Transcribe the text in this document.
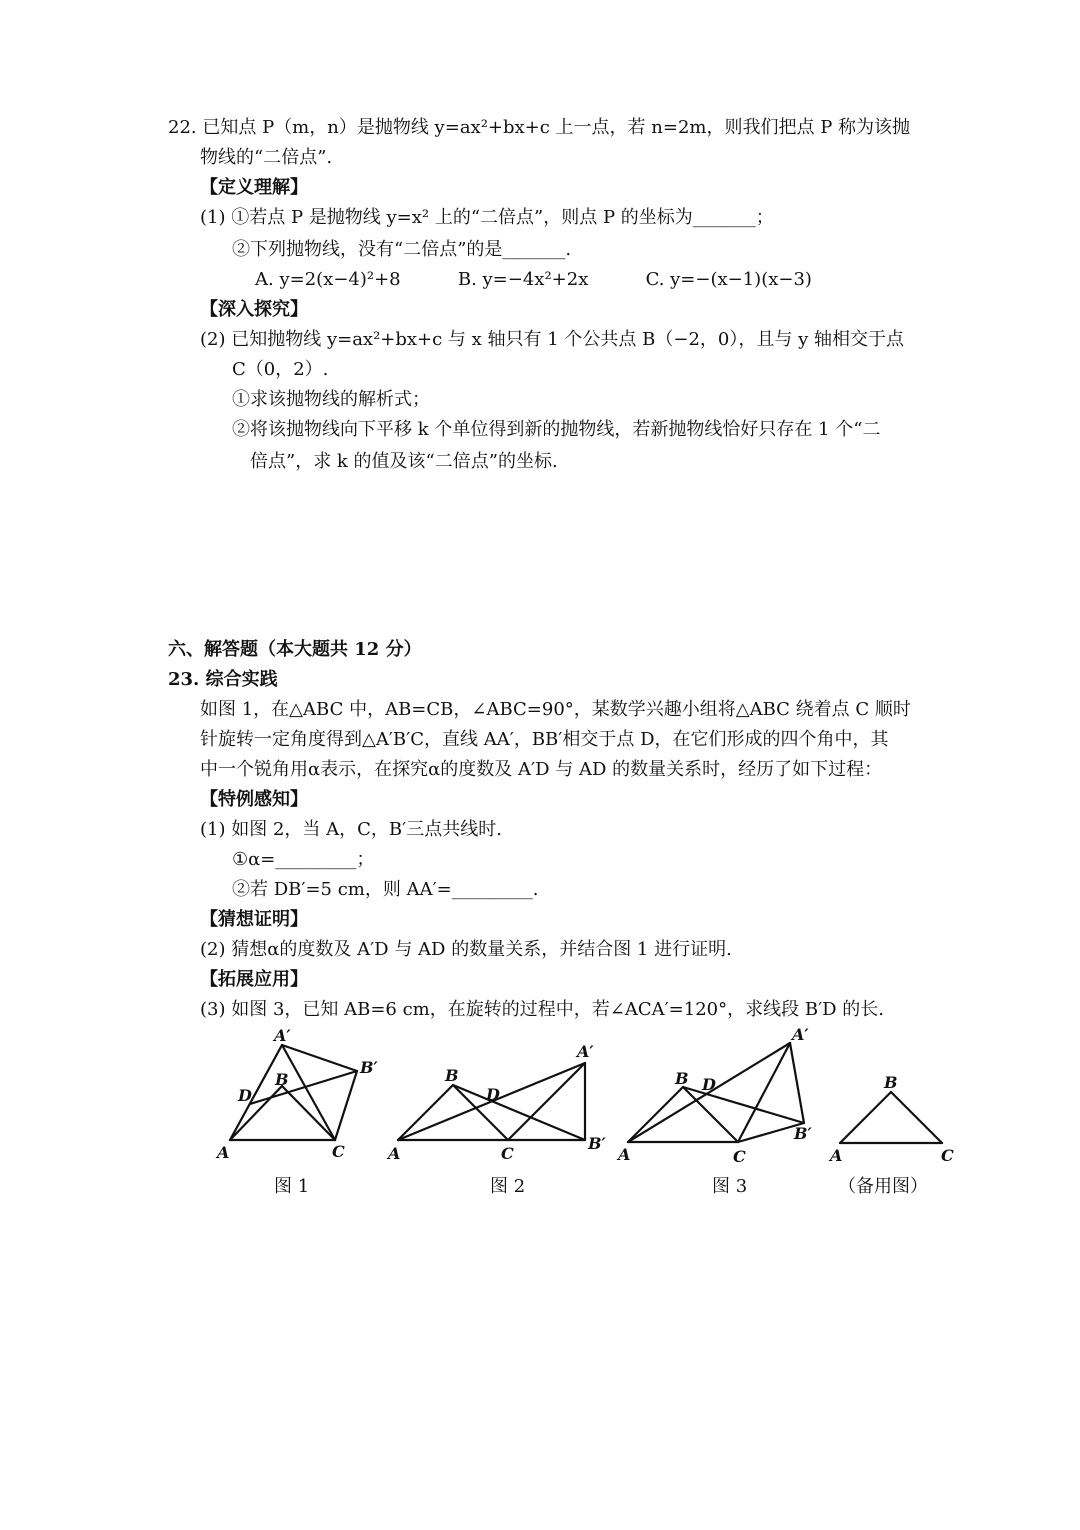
22. 已知点 P（m，n）是抛物线 y=ax²+bx+c 上一点，若 n=2m，则我们把点 P 称为该抛
物线的“二倍点”.
【定义理解】
(1) ①若点 P 是抛物线 y=x² 上的“二倍点”，则点 P 的坐标为_______；
②下列抛物线，没有“二倍点”的是_______.
A. y=2(x−4)²+8          B. y=−4x²+2x          C. y=−(x−1)(x−3)
【深入探究】
(2) 已知抛物线 y=ax²+bx+c 与 x 轴只有 1 个公共点 B（−2，0），且与 y 轴相交于点
C（0，2）.
①求该抛物线的解析式；
②将该抛物线向下平移 k 个单位得到新的抛物线，若新抛物线恰好只存在 1 个“二
倍点”，求 k 的值及该“二倍点”的坐标.
六、解答题（本大题共 12 分）
23. 综合实践
如图 1，在△ABC 中，AB=CB，∠ABC=90°，某数学兴趣小组将△ABC 绕着点 C 顺时
针旋转一定角度得到△A′B′C，直线 AA′，BB′相交于点 D，在它们形成的四个角中，其
中一个锐角用α表示，在探究α的度数及 A′D 与 AD 的数量关系时，经历了如下过程：
【特例感知】
(1) 如图 2，当 A，C，B′三点共线时.
①α=_________；
②若 DB′=5 cm，则 AA′=_________.
【猜想证明】
(2) 猜想α的度数及 A′D 与 AD 的数量关系，并结合图 1 进行证明.
【拓展应用】
(3) 如图 3，已知 AB=6 cm，在旋转的过程中，若∠ACA′=120°，求线段 B′D 的长.
A′
B
B′
D
A	C
图 1
B
D
A′
A	C
B′
图 2
B D
A′
B′
A	C
图 3
B
A	C
（备用图）
